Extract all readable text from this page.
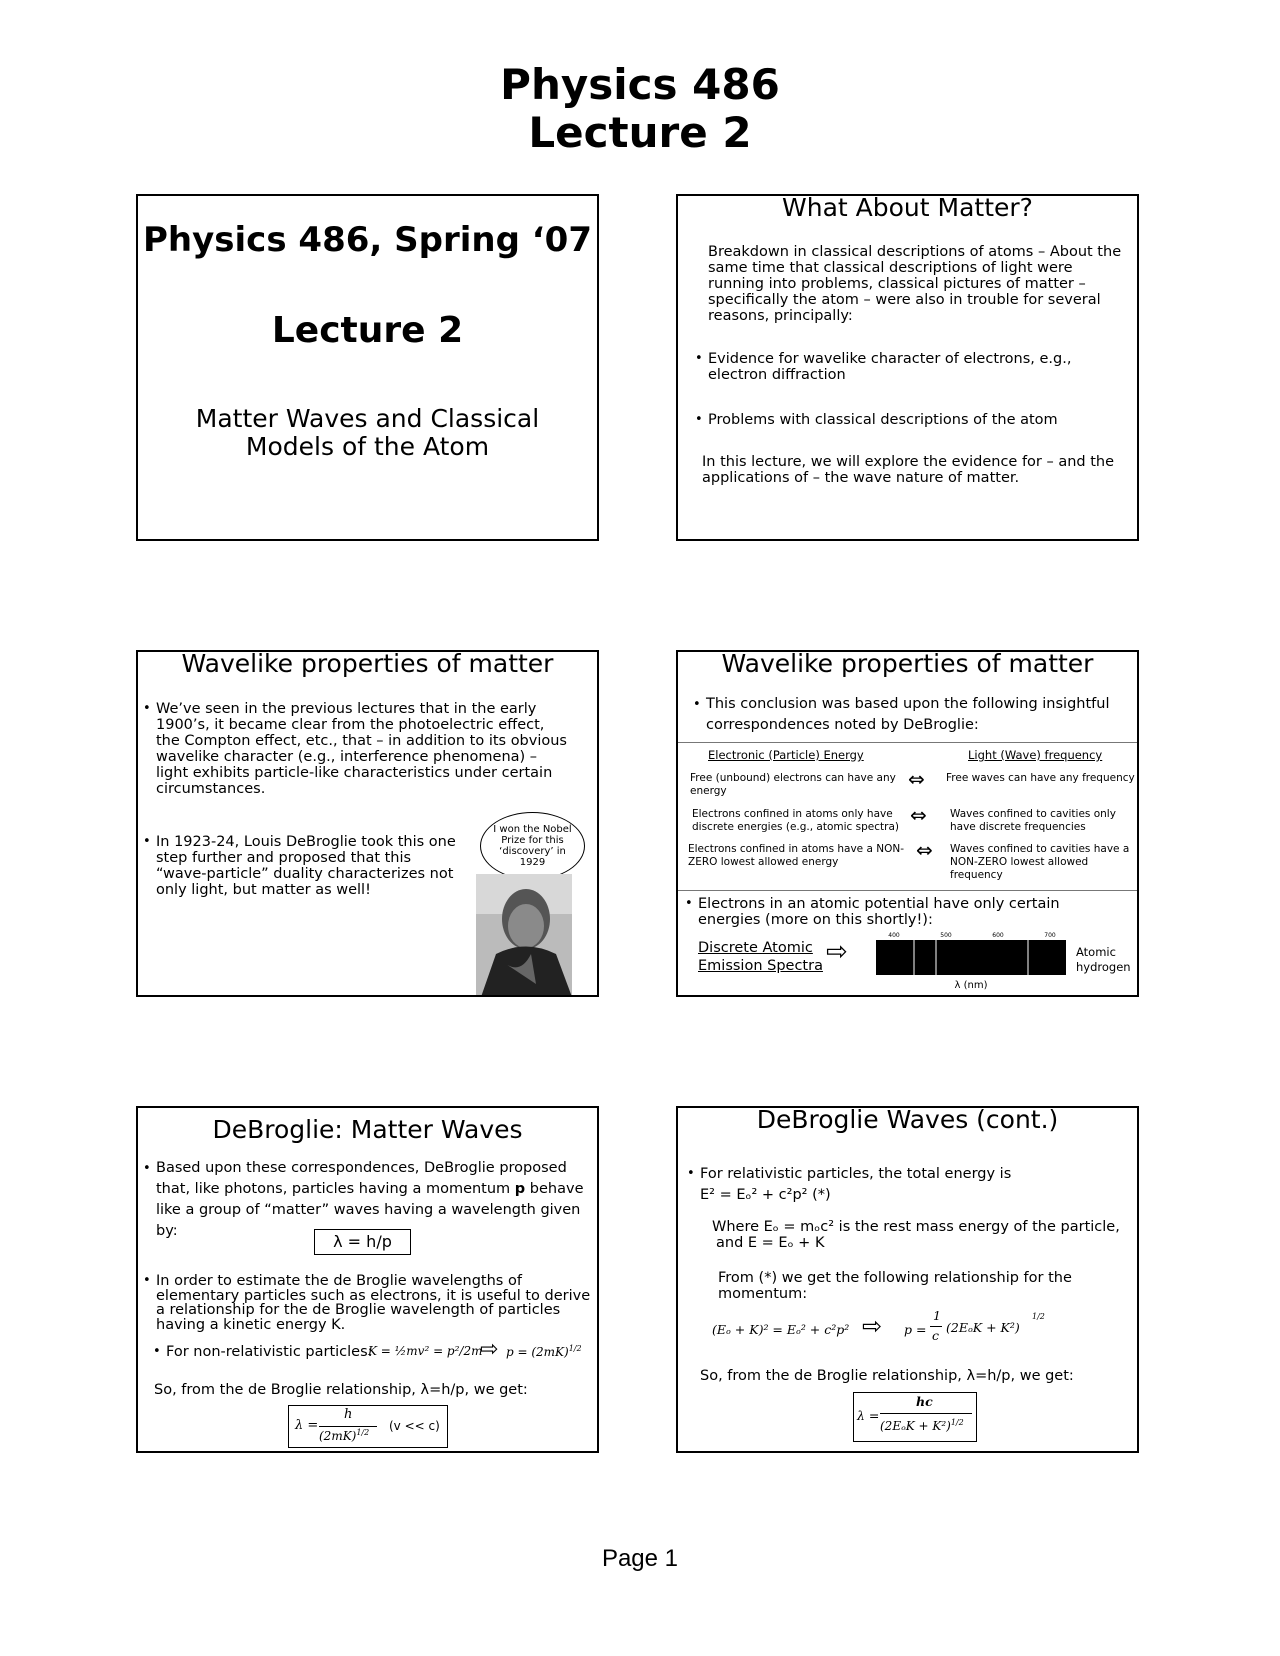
Physics 486
Lecture 2
Physics 486, Spring ‘07
Lecture 2
Matter Waves and Classical
Models of the Atom
What About Matter?
Breakdown in classical descriptions of atoms – About the same time that classical descriptions of light were running into problems, classical pictures of matter – specifically the atom – were also in trouble for several reasons, principally:
• Evidence for wavelike character of electrons, e.g., electron diffraction
• Problems with classical descriptions of the atom
In this lecture, we will explore the evidence for – and the applications of – the wave nature of matter.
Wavelike properties of matter
• We’ve seen in the previous lectures that in the early 1900’s, it became clear from the photoelectric effect, the Compton effect, etc., that – in addition to its obvious wavelike character (e.g., interference phenomena) – light exhibits particle-like characteristics under certain circumstances.
• In 1923-24, Louis DeBroglie took this one step further and proposed that this “wave-particle” duality characterizes not only light, but matter as well!
I won the Nobel Prize for this ‘discovery’ in 1929
Wavelike properties of matter
• This conclusion was based upon the following insightful correspondences noted by DeBroglie:
Electronic (Particle) Energy	Light (Wave) frequency
Free (unbound) electrons can have any energy	⇔ Free waves can have any frequency
Electrons confined in atoms only have discrete energies (e.g., atomic spectra) ⇔ Waves confined to cavities only have discrete frequencies
Electrons confined in atoms have a NON-ZERO lowest allowed energy	⇔ Waves confined to cavities have a NON-ZERO lowest allowed frequency
• Electrons in an atomic potential have only certain energies (more on this shortly!):
Discrete Atomic
Emission Spectra ⇨
400	500	600	700
λ (nm)
Atomic
hydrogen
DeBroglie: Matter Waves
• Based upon these correspondences, DeBroglie proposed that, like photons, particles having a momentum p behave like a group of “matter” waves having a wavelength given by:
λ = h/p
• In order to estimate the de Broglie wavelengths of elementary particles such as electrons, it is useful to derive a relationship for the de Broglie wavelength of particles having a kinetic energy K.
• For non-relativistic particles:
K = ½mv² = p²/2m
⇨ $p = (2mK)^{1/2}$
So, from the de Broglie relationship, λ=h/p, we get:
λ =
h
$(2mK)^{1/2}$ (v << c)
DeBroglie Waves (cont.)
• For relativistic particles, the total energy is
E² = Eₒ² + c²p² (*)
Where Eₒ = mₒc² is the rest mass energy of the particle,
and E = Eₒ + K
From (*) we get the following relationship for the momentum:
(Eₒ + K)² = Eₒ² + c²p² ⇨ p =
1
c
(2EₒK + K²)
1/2
So, from the de Broglie relationship, λ=h/p, we get:
λ =
hc
$(2E_oK + K^2)^{1/2}$
Page 1
